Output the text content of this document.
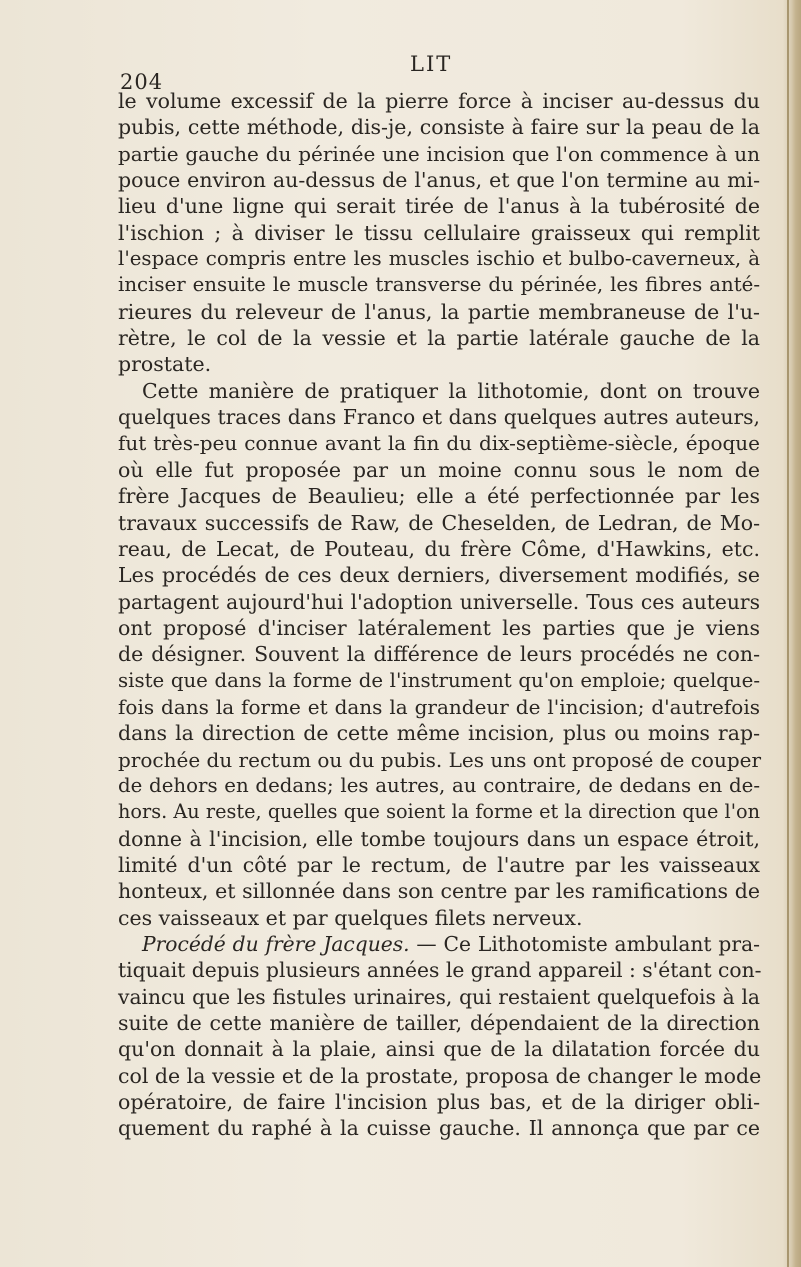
204
LIT
le volume excessif de la pierre force à inciser au-dessus du
pubis, cette méthode, dis-je, consiste à faire sur la peau de la
partie gauche du périnée une incision que l'on commence à un
pouce environ au-dessus de l'anus, et que l'on termine au mi-
lieu d'une ligne qui serait tirée de l'anus à la tubérosité de
l'ischion ; à diviser le tissu cellulaire graisseux qui remplit
l'espace compris entre les muscles ischio et bulbo-caverneux, à
inciser ensuite le muscle transverse du périnée, les fibres anté-
rieures du releveur de l'anus, la partie membraneuse de l'u-
rètre, le col de la vessie et la partie latérale gauche de la
prostate.
Cette manière de pratiquer la lithotomie, dont on trouve
quelques traces dans Franco et dans quelques autres auteurs,
fut très-peu connue avant la fin du dix-septième-siècle, époque
où elle fut proposée par un moine connu sous le nom de
frère Jacques de Beaulieu; elle a été perfectionnée par les
travaux successifs de Raw, de Cheselden, de Ledran, de Mo-
reau, de Lecat, de Pouteau, du frère Côme, d'Hawkins, etc.
Les procédés de ces deux derniers, diversement modifiés, se
partagent aujourd'hui l'adoption universelle. Tous ces auteurs
ont proposé d'inciser latéralement les parties que je viens
de désigner. Souvent la différence de leurs procédés ne con-
siste que dans la forme de l'instrument qu'on emploie; quelque-
fois dans la forme et dans la grandeur de l'incision; d'autrefois
dans la direction de cette même incision, plus ou moins rap-
prochée du rectum ou du pubis. Les uns ont proposé de couper
de dehors en dedans; les autres, au contraire, de dedans en de-
hors. Au reste, quelles que soient la forme et la direction que l'on
donne à l'incision, elle tombe toujours dans un espace étroit,
limité d'un côté par le rectum, de l'autre par les vaisseaux
honteux, et sillonnée dans son centre par les ramifications de
ces vaisseaux et par quelques filets nerveux.
Procédé du frère Jacques. — Ce Lithotomiste ambulant pra-
tiquait depuis plusieurs années le grand appareil : s'étant con-
vaincu que les fistules urinaires, qui restaient quelquefois à la
suite de cette manière de tailler, dépendaient de la direction
qu'on donnait à la plaie, ainsi que de la dilatation forcée du
col de la vessie et de la prostate, proposa de changer le mode
opératoire, de faire l'incision plus bas, et de la diriger obli-
quement du raphé à la cuisse gauche. Il annonça que par ce
